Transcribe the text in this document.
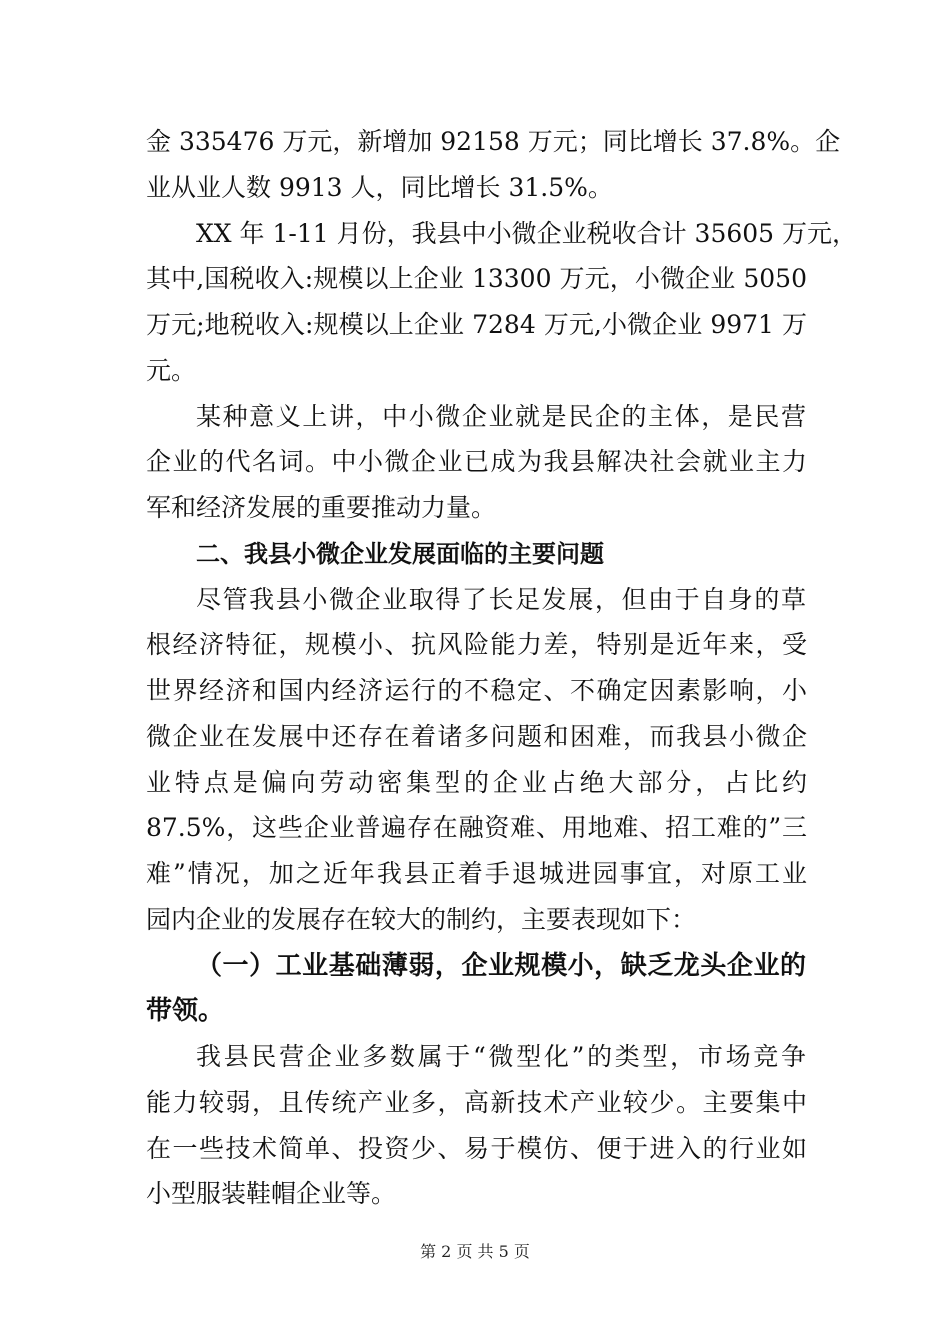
金 335476 万元，新增加 92158 万元；同比增长 37.8%。企
业从业人数 9913 人，同比增长 31.5%。
XX 年 1-11 月份，我县中小微企业税收合计 35605 万元，
其中,国税收入:规模以上企业 13300 万元，小微企业 5050
万元;地税收入:规模以上企业 7284 万元,小微企业 9971 万
元。
某种意义上讲，中小微企业就是民企的主体，是民营
企业的代名词。中小微企业已成为我县解决社会就业主力
军和经济发展的重要推动力量。
二、我县小微企业发展面临的主要问题
尽管我县小微企业取得了长足发展，但由于自身的草
根经济特征，规模小、抗风险能力差，特别是近年来，受
世界经济和国内经济运行的不稳定、不确定因素影响，小
微企业在发展中还存在着诸多问题和困难，而我县小微企
业特点是偏向劳动密集型的企业占绝大部分，占比约
87.5%，这些企业普遍存在融资难、用地难、招工难的”三
难”情况，加之近年我县正着手退城进园事宜，对原工业
园内企业的发展存在较大的制约，主要表现如下：
（一）工业基础薄弱，企业规模小，缺乏龙头企业的
带领。
我县民营企业多数属于“微型化”的类型，市场竞争
能力较弱，且传统产业多，高新技术产业较少。主要集中
在一些技术简单、投资少、易于模仿、便于进入的行业如
小型服装鞋帽企业等。
第 2 页 共 5 页
